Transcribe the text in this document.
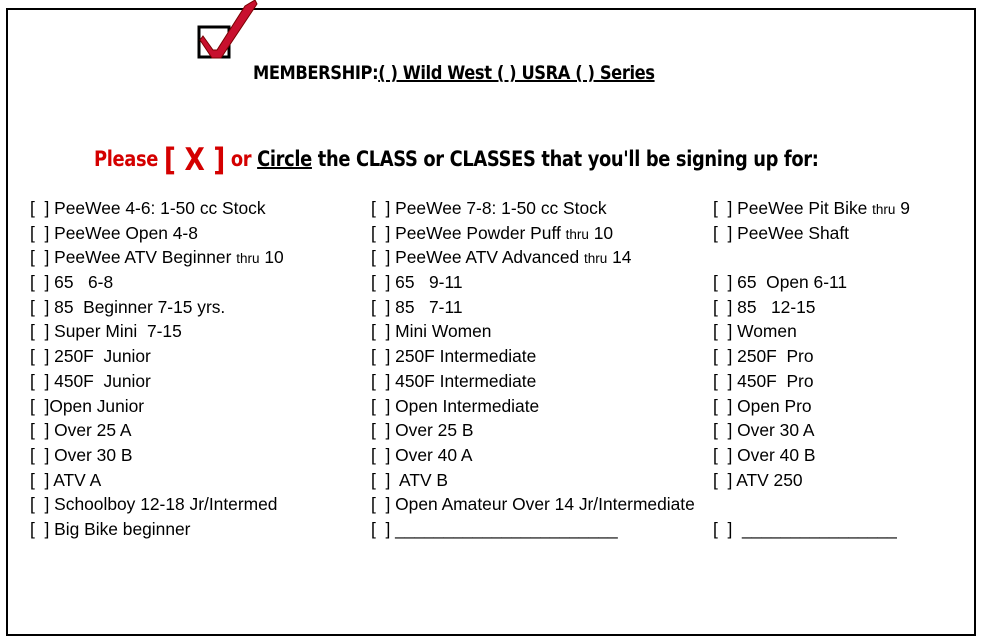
MEMBERSHIP:( ) Wild West ( ) USRA ( ) Series
Please [ X ] or Circle the CLASS or CLASSES that you'll be signing up for:
[  ] PeeWee 4-6: 1-50 cc Stock	[  ] PeeWee 7-8: 1-50 cc Stock	[  ] PeeWee Pit Bike thru 9
[  ] PeeWee Open 4-8	[  ] PeeWee Powder Puff thru 10	[  ] PeeWee Shaft
[  ] PeeWee ATV Beginner thru 10	[  ] PeeWee ATV Advanced thru 14
[  ] 65   6-8	[  ] 65   9-11	[  ] 65  Open 6-11
[  ] 85  Beginner 7-15 yrs.	[  ] 85   7-11	[  ] 85   12-15
[  ] Super Mini  7-15	[  ] Mini Women	[  ] Women
[  ] 250F  Junior	[  ] 250F Intermediate	[  ] 250F  Pro
[  ] 450F  Junior	[  ] 450F Intermediate	[  ] 450F  Pro
[  ]Open Junior	[  ] Open Intermediate	[  ] Open Pro
[  ] Over 25 A	[  ] Over 25 B	[  ] Over 30 A
[  ] Over 30 B	[  ] Over 40 A	[  ] Over 40 B
[  ] ATV A	[  ]  ATV B	[  ] ATV 250
[  ] Schoolboy 12-18 Jr/Intermed	[  ] Open Amateur Over 14 Jr/Intermediate
[  ] Big Bike beginner	[  ] _______________________	[  ]  ________________
